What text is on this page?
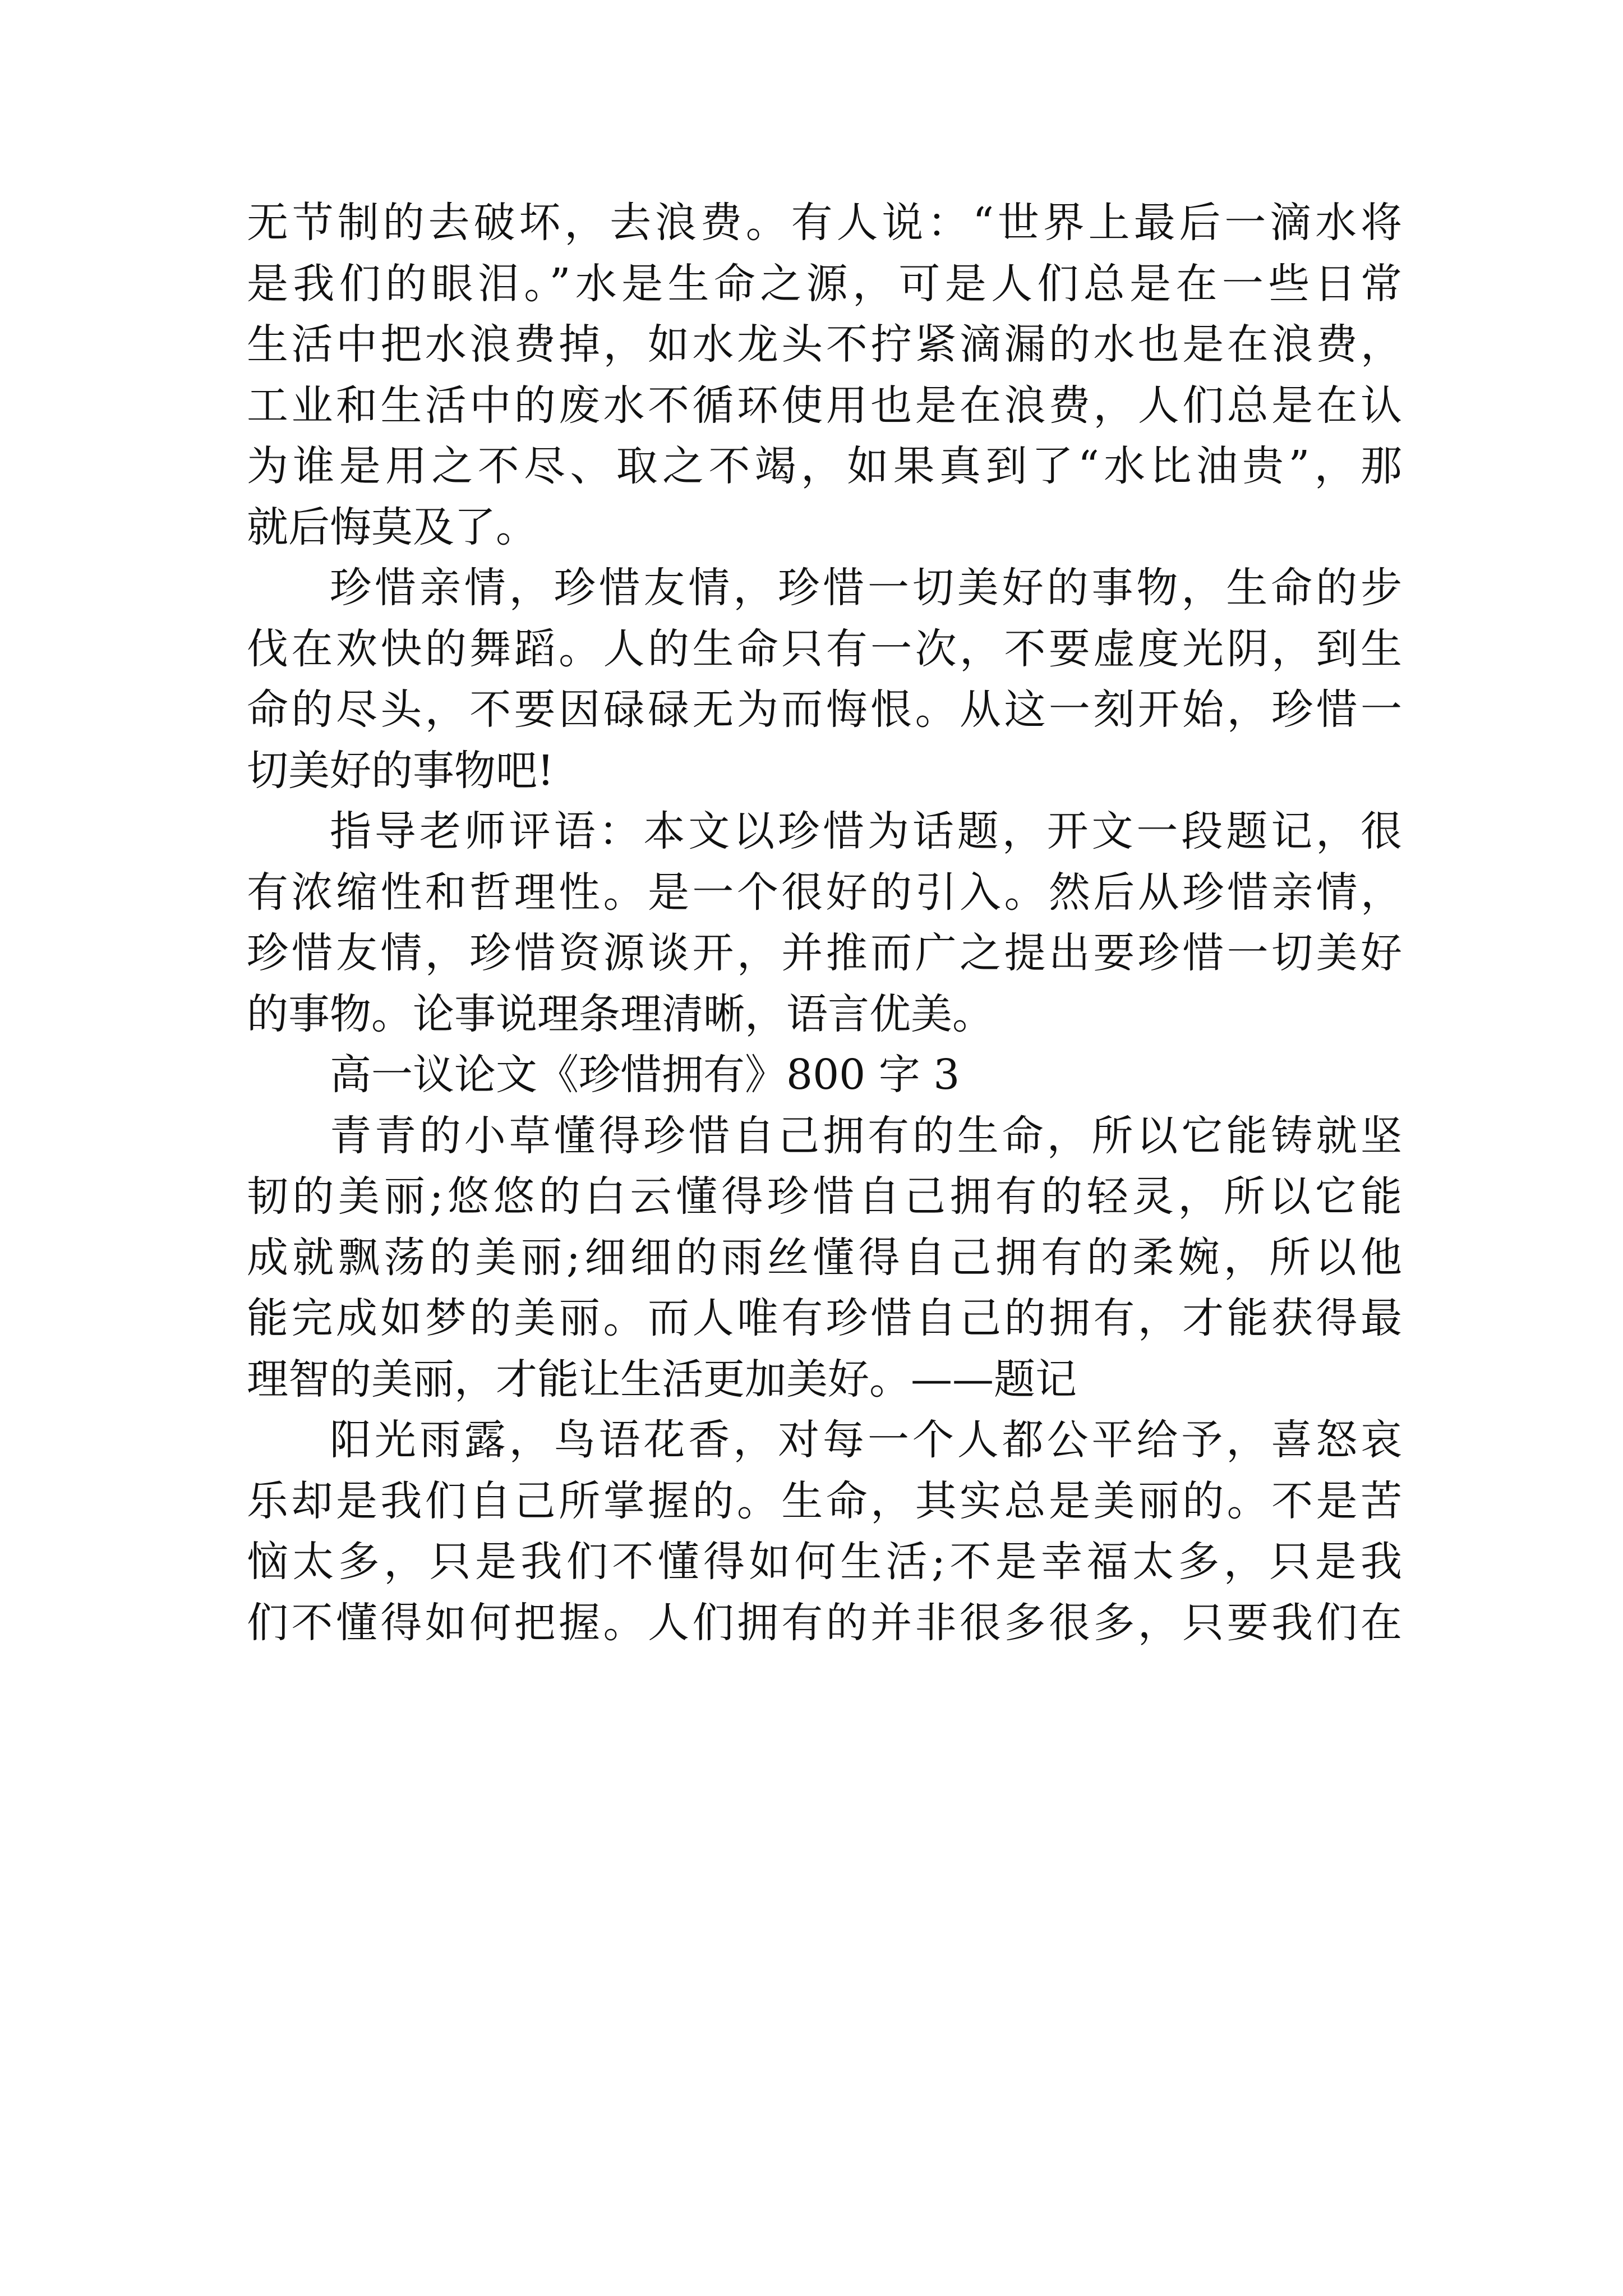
无节制的去破坏，去浪费。有人说：“世界上最后一滴水将
是我们的眼泪。”水是生命之源，可是人们总是在一些日常
生活中把水浪费掉，如水龙头不拧紧滴漏的水也是在浪费，
工业和生活中的废水不循环使用也是在浪费，人们总是在认
为谁是用之不尽、取之不竭，如果真到了“水比油贵”，那
就后悔莫及了。
珍惜亲情，珍惜友情，珍惜一切美好的事物，生命的步
伐在欢快的舞蹈。人的生命只有一次，不要虚度光阴，到生
命的尽头，不要因碌碌无为而悔恨。从这一刻开始，珍惜一
切美好的事物吧!
指导老师评语：本文以珍惜为话题，开文一段题记，很
有浓缩性和哲理性。是一个很好的引入。然后从珍惜亲情，
珍惜友情，珍惜资源谈开，并推而广之提出要珍惜一切美好
的事物。论事说理条理清晰，语言优美。
高一议论文《珍惜拥有》800 字 3
青青的小草懂得珍惜自己拥有的生命，所以它能铸就坚
韧的美丽;悠悠的白云懂得珍惜自己拥有的轻灵，所以它能
成就飘荡的美丽;细细的雨丝懂得自己拥有的柔婉，所以他
能完成如梦的美丽。而人唯有珍惜自己的拥有，才能获得最
理智的美丽，才能让生活更加美好。——题记
阳光雨露，鸟语花香，对每一个人都公平给予，喜怒哀
乐却是我们自己所掌握的。生命，其实总是美丽的。不是苦
恼太多，只是我们不懂得如何生活;不是幸福太多，只是我
们不懂得如何把握。人们拥有的并非很多很多，只要我们在
